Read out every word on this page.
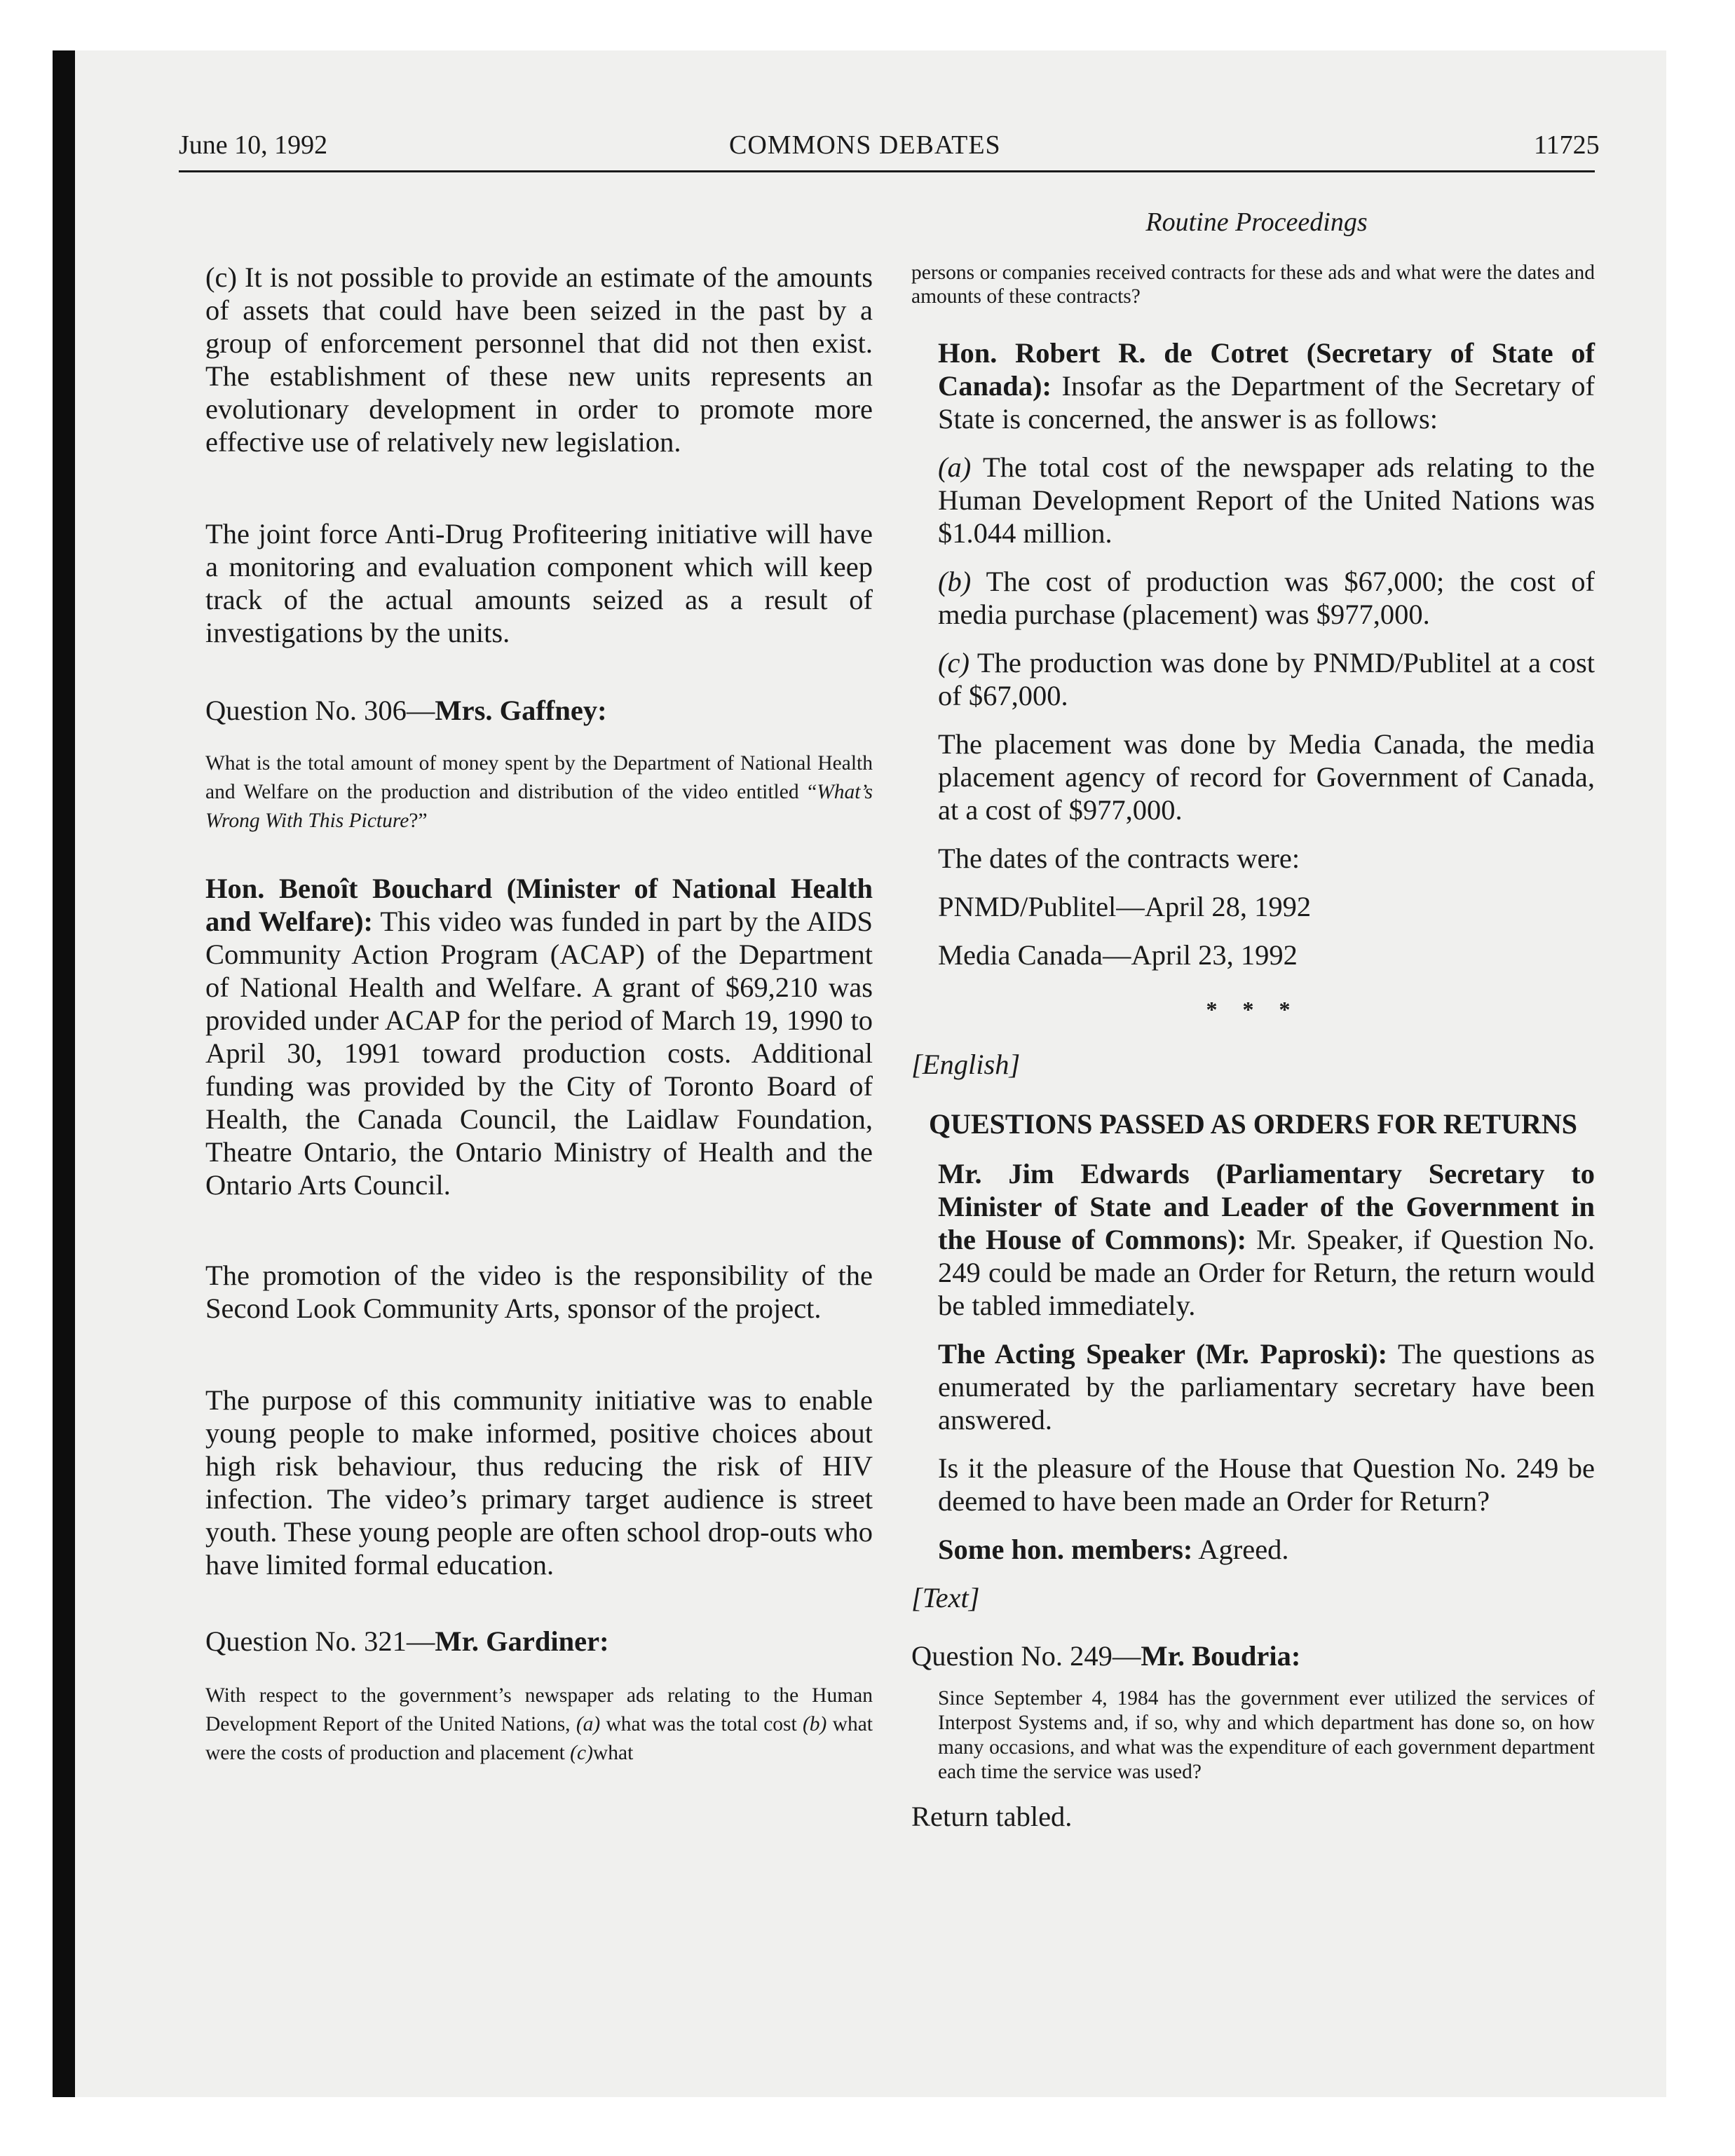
June 10, 1992	COMMONS DEBATES	11725
Routine Proceedings

(c) It is not possible to provide an estimate of the amounts of assets that could have been seized in the past by a group of enforcement personnel that did not then exist. The establishment of these new units represents an evolutionary development in order to promote more effective use of relatively new legislation.

The joint force Anti-Drug Profiteering initiative will have a monitoring and evaluation component which will keep track of the actual amounts seized as a result of investigations by the units.

Question No. 306—Mrs. Gaffney:

What is the total amount of money spent by the Department of National Health and Welfare on the production and distribution of the video entitled “What’s Wrong With This Picture?”

Hon. Benoît Bouchard (Minister of National Health and Welfare): This video was funded in part by the AIDS Community Action Program (ACAP) of the Department of National Health and Welfare. A grant of $69,210 was provided under ACAP for the period of March 19, 1990 to April 30, 1991 toward production costs. Additional funding was provided by the City of Toronto Board of Health, the Canada Council, the Laidlaw Foundation, Theatre Ontario, the Ontario Ministry of Health and the Ontario Arts Council.

The promotion of the video is the responsibility of the Second Look Community Arts, sponsor of the project.

The purpose of this community initiative was to enable young people to make informed, positive choices about high risk behaviour, thus reducing the risk of HIV infection. The video’s primary target audience is street youth. These young people are often school drop-outs who have limited formal education.

Question No. 321—Mr. Gardiner:

With respect to the government’s newspaper ads relating to the Human Development Report of the United Nations, (a) what was the total cost (b) what were the costs of production and placement (c)what

persons or companies received contracts for these ads and what were the dates and amounts of these contracts?

Hon. Robert R. de Cotret (Secretary of State of Canada): Insofar as the Department of the Secretary of State is concerned, the answer is as follows:

(a) The total cost of the newspaper ads relating to the Human Development Report of the United Nations was $1.044 million.

(b) The cost of production was $67,000; the cost of media purchase (placement) was $977,000.

(c) The production was done by PNMD/Publitel at a cost of $67,000.

The placement was done by Media Canada, the media placement agency of record for Government of Canada, at a cost of $977,000.

The dates of the contracts were:

PNMD/Publitel—April 28, 1992

Media Canada—April 23, 1992

* * *

[English]

QUESTIONS PASSED AS ORDERS FOR RETURNS

Mr. Jim Edwards (Parliamentary Secretary to Minister of State and Leader of the Government in the House of Commons): Mr. Speaker, if Question No. 249 could be made an Order for Return, the return would be tabled immediately.

The Acting Speaker (Mr. Paproski): The questions as enumerated by the parliamentary secretary have been answered.

Is it the pleasure of the House that Question No. 249 be deemed to have been made an Order for Return?

Some hon. members: Agreed.

[Text]

Question No. 249—Mr. Boudria:

Since September 4, 1984 has the government ever utilized the services of Interpost Systems and, if so, why and which department has done so, on how many occasions, and what was the expenditure of each government department each time the service was used?

Return tabled.
